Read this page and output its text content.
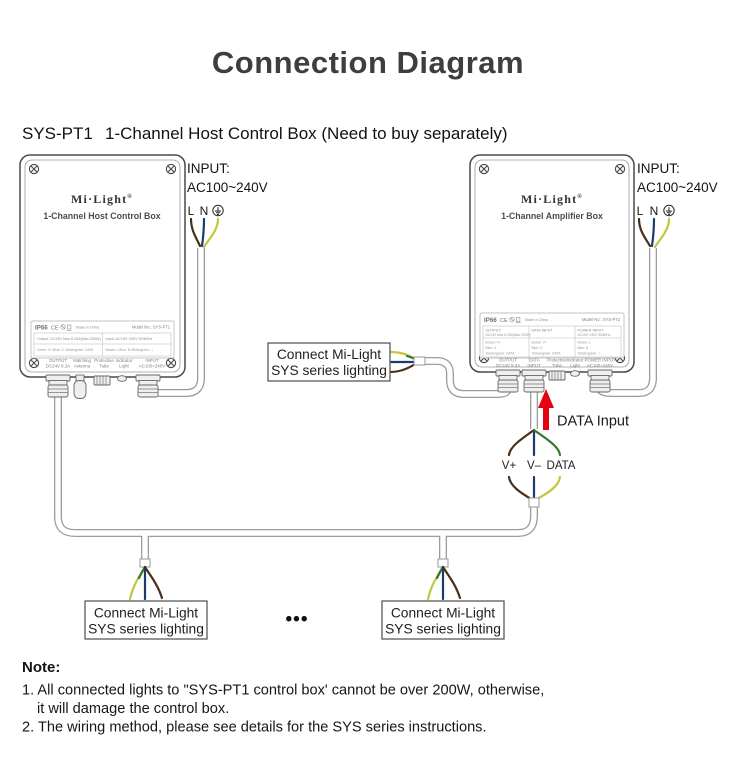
Connection Diagram
SYS-PT1 1-Channel Host Control Box (Need to buy separately)
V+ V– DATA
Mi·Light®
1-Channel Host Control Box
IP66 CE	Made in China	Model No.: SYS-PT1
Output: DC24V Max 8.33A(Max 200W) Input: AC100~240V 50/60Hz
Green: V+ Blue: V- White/green: DATA	Brown: L Blue: N White/green: ⏚
OUTPUT DC24V 8.3A
Matching Antenna
Protective Tube
Indicator Light
INPUT AC100~240V
Mi·Light®
1-Channel Amplifier Box
IP66 CE	Made in China	Model No.: SYS-PT2
OUTPUT
DC24V Max 8.33A(Max 200W)
DATA INPUT	POWER INPUT
AC100~240V 50/60Hz
Brown: V+
Blue: V-
Yellow/green: DATA
Brown: V+
Blue: V-
Yellow/green: DATA
Brown: L
Blue: N
Yellow/green: ⏚
OUTPUT DC24V 8.3A
DATA INPUT
Protective Tube
Indicator Light
POWER INPUT AC100~240V
INPUT:
AC100~240V
L N
INPUT:
AC100~240V
L N
DATA Input
Connect Mi-Light
SYS series lighting
Connect Mi-Light
SYS series lighting
Connect Mi-Light
SYS series lighting
•••
Note:
1. All connected lights to "SYS-PT1 control box' cannot be over 200W, otherwise,
it will damage the control box.
2. The wiring method, please see details for the SYS series instructions.
